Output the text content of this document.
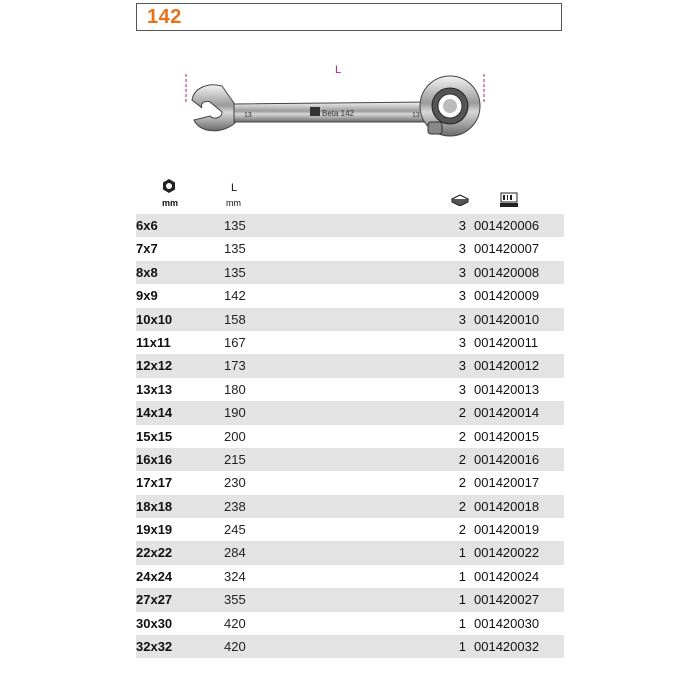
142
L
13	13
Beta 142
mm
L
mm
6x6	135	3 001420006
7x7	135	3 001420007
8x8	135	3 001420008
9x9	142	3 001420009
10x10	158	3 001420010
11x11	167	3 001420011
12x12	173	3 001420012
13x13	180	3 001420013
14x14	190	2 001420014
15x15	200	2 001420015
16x16	215	2 001420016
17x17	230	2 001420017
18x18	238	2 001420018
19x19	245	2 001420019
22x22	284	1 001420022
24x24	324	1 001420024
27x27	355	1 001420027
30x30	420	1 001420030
32x32	420	1 001420032
